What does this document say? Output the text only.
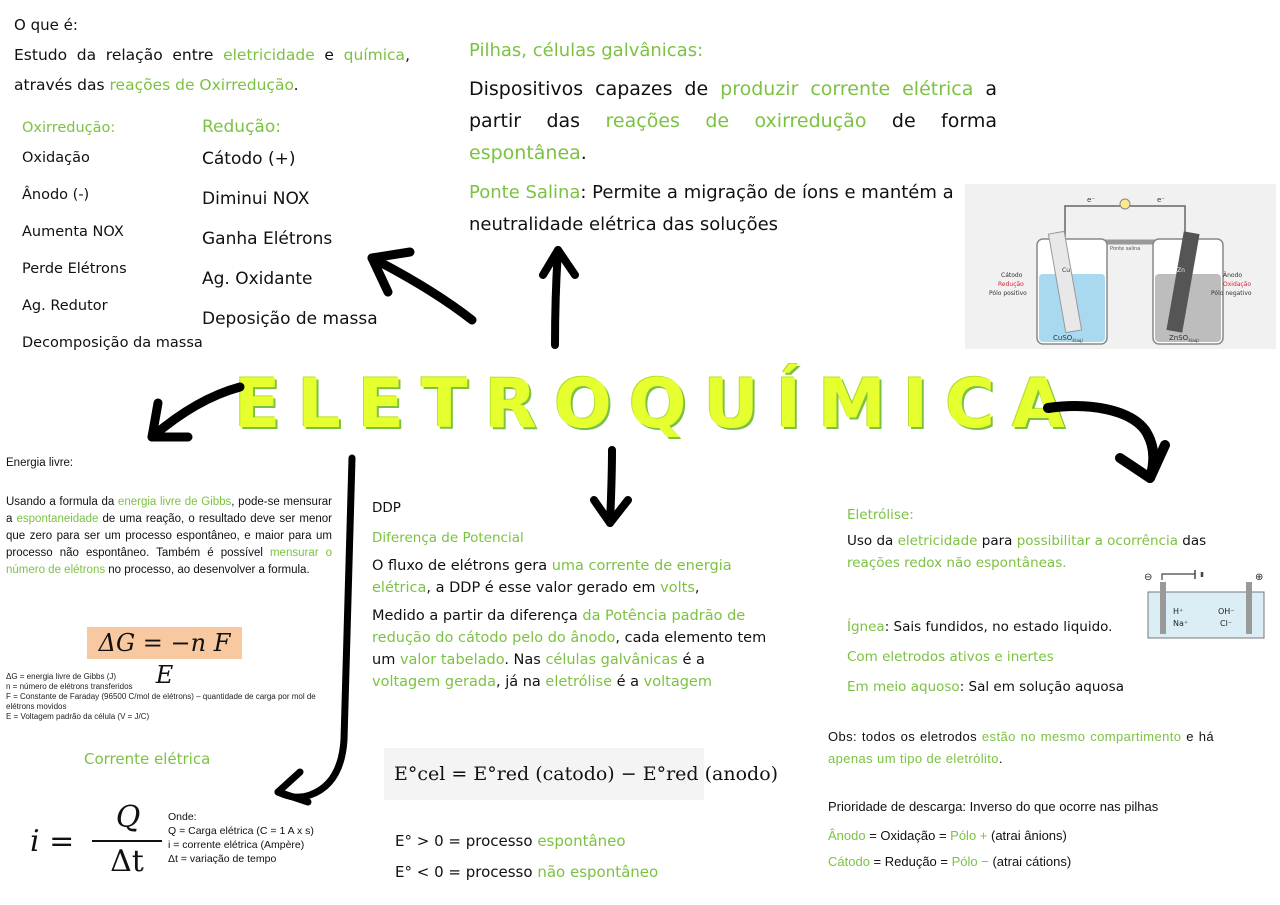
O que é:
Estudo da relação entre eletricidade e química, através das reações de Oxirredução.
Oxirredução:
Oxidação
Ânodo (-)
Aumenta NOX
Perde Elétrons
Ag. Redutor
Decomposição da massa
Redução:
Cátodo (+)
Diminui NOX
Ganha Elétrons
Ag. Oxidante
Deposição de massa
Pilhas, células galvânicas:
Dispositivos capazes de produzir corrente elétrica a partir das reações de oxirredução de forma espontânea.
Ponte Salina: Permite a migração de íons e mantém a neutralidade elétrica das soluções
e⁻	e⁻
Ponte salina
Cu	Zn
Cátodo
Redução
Pólo positivo
Ânodo
Oxidação
Pólo negativo
CuSO$_{4(aq)}$	ZnSO$_{4(aq)}$
ELETROQUÍMICA
Energia livre:
Usando a formula da energia livre de Gibbs, pode-se mensurar a espontaneidade de uma reação, o resultado deve ser menor que zero para ser um processo espontâneo, e maior para um processo não espontâneo. Também é possível mensurar o número de elétrons no processo, ao desenvolver a formula.
ΔG = −n F E
ΔG = energia livre de Gibbs (J)
n = número de elétrons transferidos
F = Constante de Faraday (96500 C/mol de elétrons) – quantidade de carga por mol de elétrons movidos
E = Voltagem padrão da célula (V = J/C)
Corrente elétrica
i =
Q
Δt
Onde:
Q = Carga elétrica (C = 1 A x s)
i = corrente elétrica (Ampère)
Δt = variação de tempo
DDP
Diferença de Potencial
O fluxo de elétrons gera uma corrente de energia elétrica, a DDP é esse valor gerado em volts,
Medido a partir da diferença da Potência padrão de redução do cátodo pelo do ânodo, cada elemento tem um valor tabelado. Nas células galvânicas é a voltagem gerada, já na eletrólise é a voltagem
E°cel = E°red (catodo) − E°red (anodo)
E° > 0 = processo espontâneo
E° < 0 = processo não espontâneo
Eletrólise:
Uso da eletricidade para possibilitar a ocorrência das
reações redox não espontâneas.
Ígnea: Sais fundidos, no estado liquido.
Com eletrodos ativos e inertes
Em meio aquoso: Sal em solução aquosa
⊖	⊕
H⁺
Na⁺
OH⁻
Cl⁻
Obs: todos os eletrodos estão no mesmo compartimento e há apenas um tipo de eletrólito.
Prioridade de descarga: Inverso do que ocorre nas pilhas
Ânodo = Oxidação = Pólo + (atrai ânions)
Cátodo = Redução = Pólo − (atrai cátions)
